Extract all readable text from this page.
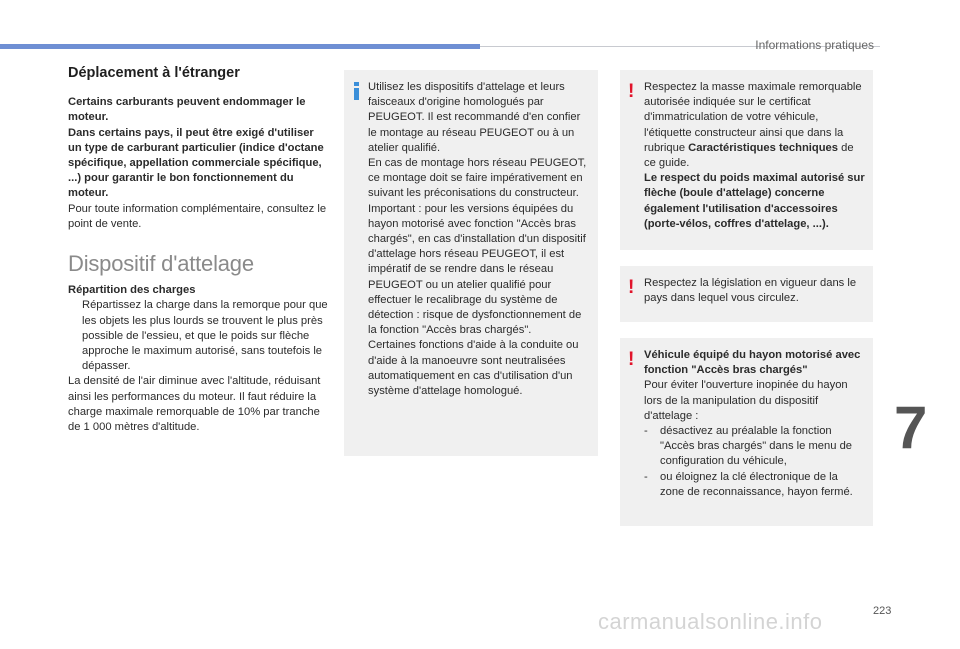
Informations pratiques
Déplacement à l'étranger

Certains carburants peuvent endommager le moteur.

Dans certains pays, il peut être exigé d'utiliser un type de carburant particulier (indice d'octane spécifique, appellation commerciale spécifique, ...) pour garantir le bon fonctionnement du moteur.

Pour toute information complémentaire, consultez le point de vente.

Dispositif d'attelage

Répartition des charges

Répartissez la charge dans la remorque pour que les objets les plus lourds se trouvent le plus près possible de l'essieu, et que le poids sur flèche approche le maximum autorisé, sans toutefois le dépasser.

La densité de l'air diminue avec l'altitude, réduisant ainsi les performances du moteur. Il faut réduire la charge maximale remorquable de 10% par tranche de 1 000 mètres d'altitude.

Utilisez les dispositifs d'attelage et leurs faisceaux d'origine homologués par PEUGEOT. Il est recommandé d'en confier le montage au réseau PEUGEOT ou à un atelier qualifié.

En cas de montage hors réseau PEUGEOT, ce montage doit se faire impérativement en suivant les préconisations du constructeur.

Important : pour les versions équipées du hayon motorisé avec fonction "Accès bras chargés", en cas d'installation d'un dispositif d'attelage hors réseau PEUGEOT, il est impératif de se rendre dans le réseau PEUGEOT ou un atelier qualifié pour effectuer le recalibrage du système de détection : risque de dysfonctionnement de la fonction "Accès bras chargés".

Certaines fonctions d'aide à la conduite ou d'aide à la manoeuvre sont neutralisées automatiquement en cas d'utilisation d'un système d'attelage homologué.

! Respectez la masse maximale remorquable autorisée indiquée sur le certificat d'immatriculation de votre véhicule, l'étiquette constructeur ainsi que dans la rubrique Caractéristiques techniques de ce guide.

Le respect du poids maximal autorisé sur flèche (boule d'attelage) concerne également l'utilisation d'accessoires (porte-vélos, coffres d'attelage, ...).

! Respectez la législation en vigueur dans le pays dans lequel vous circulez.

! Véhicule équipé du hayon motorisé avec fonction "Accès bras chargés"

Pour éviter l'ouverture inopinée du hayon lors de la manipulation du dispositif d'attelage :

-	désactivez au préalable la fonction "Accès bras chargés" dans le menu de configuration du véhicule,
-	ou éloignez la clé électronique de la zone de reconnaissance, hayon fermé.
7
223
carmanualsonline.info
